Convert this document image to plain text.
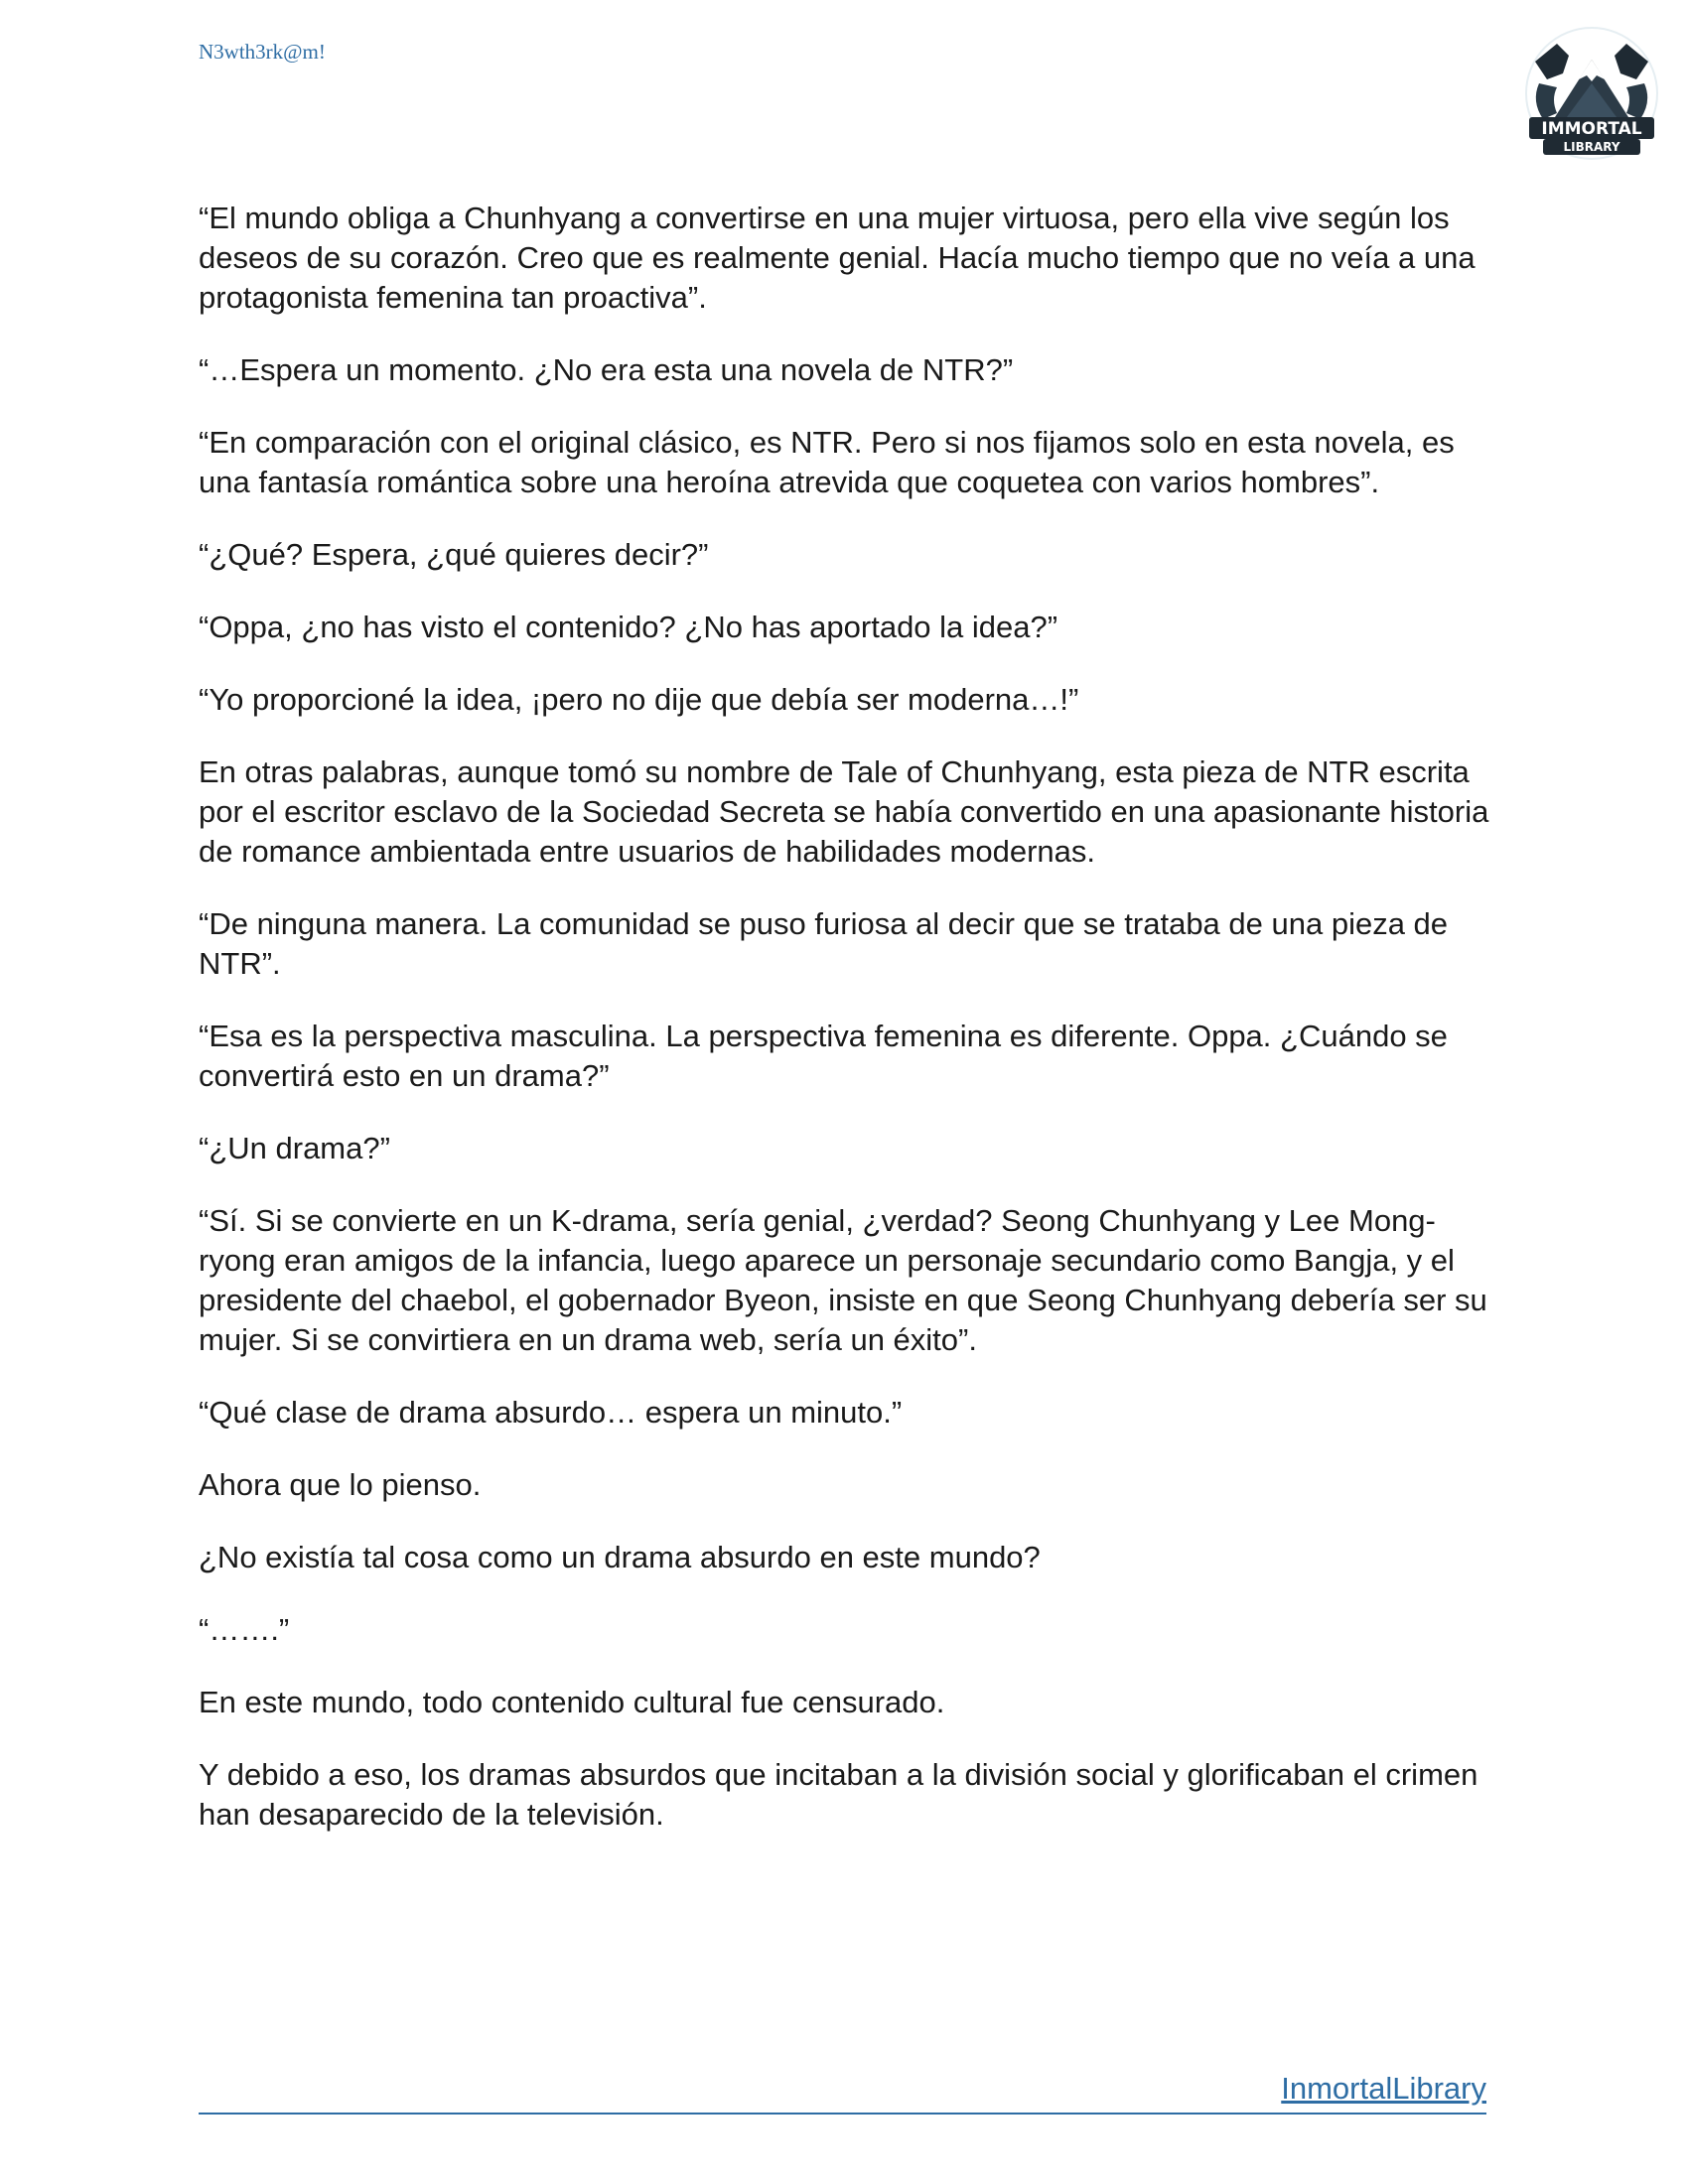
N3wth3rk@m!
IMMORTAL
LIBRARY

“El mundo obliga a Chunhyang a convertirse en una mujer virtuosa, pero ella vive según los deseos de su corazón. Creo que es realmente genial. Hacía mucho tiempo que no veía a una protagonista femenina tan proactiva”.

“…Espera un momento. ¿No era esta una novela de NTR?”

“En comparación con el original clásico, es NTR. Pero si nos fijamos solo en esta novela, es una fantasía romántica sobre una heroína atrevida que coquetea con varios hombres”.

“¿Qué? Espera, ¿qué quieres decir?”

“Oppa, ¿no has visto el contenido? ¿No has aportado la idea?”

“Yo proporcioné la idea, ¡pero no dije que debía ser moderna…!”

En otras palabras, aunque tomó su nombre de Tale of Chunhyang, esta pieza de NTR escrita por el escritor esclavo de la Sociedad Secreta se había convertido en una apasionante historia de romance ambientada entre usuarios de habilidades modernas.

“De ninguna manera. La comunidad se puso furiosa al decir que se trataba de una pieza de NTR”.

“Esa es la perspectiva masculina. La perspectiva femenina es diferente. Oppa. ¿Cuándo se convertirá esto en un drama?”

“¿Un drama?”

“Sí. Si se convierte en un K-drama, sería genial, ¿verdad? Seong Chunhyang y Lee Mong-ryong eran amigos de la infancia, luego aparece un personaje secundario como Bangja, y el presidente del chaebol, el gobernador Byeon, insiste en que Seong Chunhyang debería ser su mujer. Si se convirtiera en un drama web, sería un éxito”.

“Qué clase de drama absurdo… espera un minuto.”

Ahora que lo pienso.

¿No existía tal cosa como un drama absurdo en este mundo?

“…….”

En este mundo, todo contenido cultural fue censurado.

Y debido a eso, los dramas absurdos que incitaban a la división social y glorificaban el crimen han desaparecido de la televisión.

InmortalLibrary
